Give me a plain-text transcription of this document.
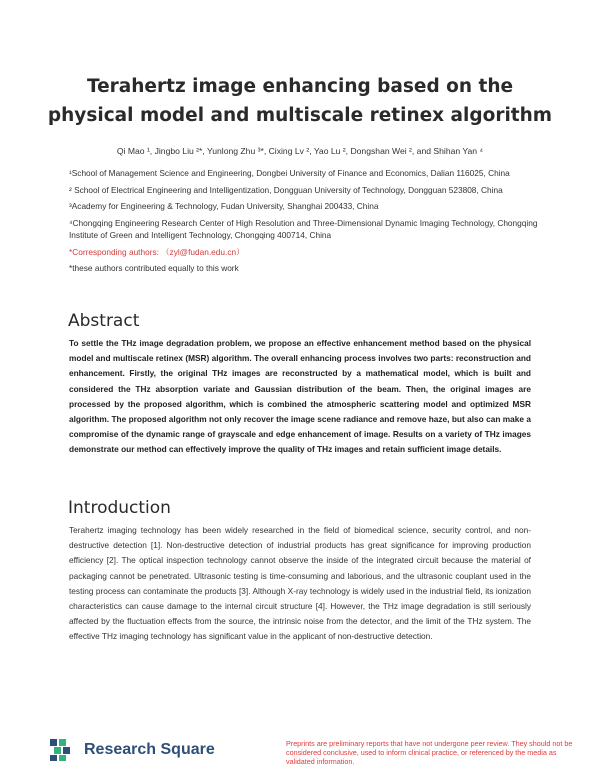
Terahertz image enhancing based on the
physical model and multiscale retinex algorithm
Qi Mao ¹, Jingbo Liu ²*, Yunlong Zhu ³*, Cixing Lv ², Yao Lu ², Dongshan Wei ², and Shihan Yan ⁴
¹School of Management Science and Engineering, Dongbei University of Finance and Economics, Dalian 116025, China
² School of Electrical Engineering and Intelligentization, Dongguan University of Technology, Dongguan 523808, China
³Academy for Engineering & Technology, Fudan University, Shanghai 200433, China
⁴Chongqing Engineering Research Center of High Resolution and Three-Dimensional Dynamic Imaging Technology, Chongqing Institute of Green and Intelligent Technology, Chongqing 400714, China
*Corresponding authors: （zyl@fudan.edu.cn）
*these authors contributed equally to this work
Abstract
To settle the THz image degradation problem, we propose an effective enhancement method based on the physical model and multiscale retinex (MSR) algorithm. The overall enhancing process involves two parts: reconstruction and enhancement. Firstly, the original THz images are reconstructed by a mathematical model, which is built and considered the THz absorption variate and Gaussian distribution of the beam. Then, the original images are processed by the proposed algorithm, which is combined the atmospheric scattering model and optimized MSR algorithm. The proposed algorithm not only recover the image scene radiance and remove haze, but also can make a compromise of the dynamic range of grayscale and edge enhancement of image. Results on a variety of THz images demonstrate our method can effectively improve the quality of THz images and retain sufficient image details.
Introduction
Terahertz imaging technology has been widely researched in the field of biomedical science, security control, and non-destructive detection [1]. Non-destructive detection of industrial products has great significance for improving production efficiency [2]. The optical inspection technology cannot observe the inside of the integrated circuit because the material of packaging cannot be penetrated. Ultrasonic testing is time-consuming and laborious, and the ultrasonic couplant used in the testing process can contaminate the products [3]. Although X-ray technology is widely used in the industrial field, its ionization characteristics can cause damage to the internal circuit structure [4]. However, the THz image degradation is still seriously affected by the fluctuation effects from the source, the intrinsic noise from the detector, and the limit of the THz system. The effective THz imaging technology has significant value in the applicant of non-destructive detection.
Research Square	Preprints are preliminary reports that have not undergone peer review. They should not be considered conclusive, used to inform clinical practice, or referenced by the media as validated information.
